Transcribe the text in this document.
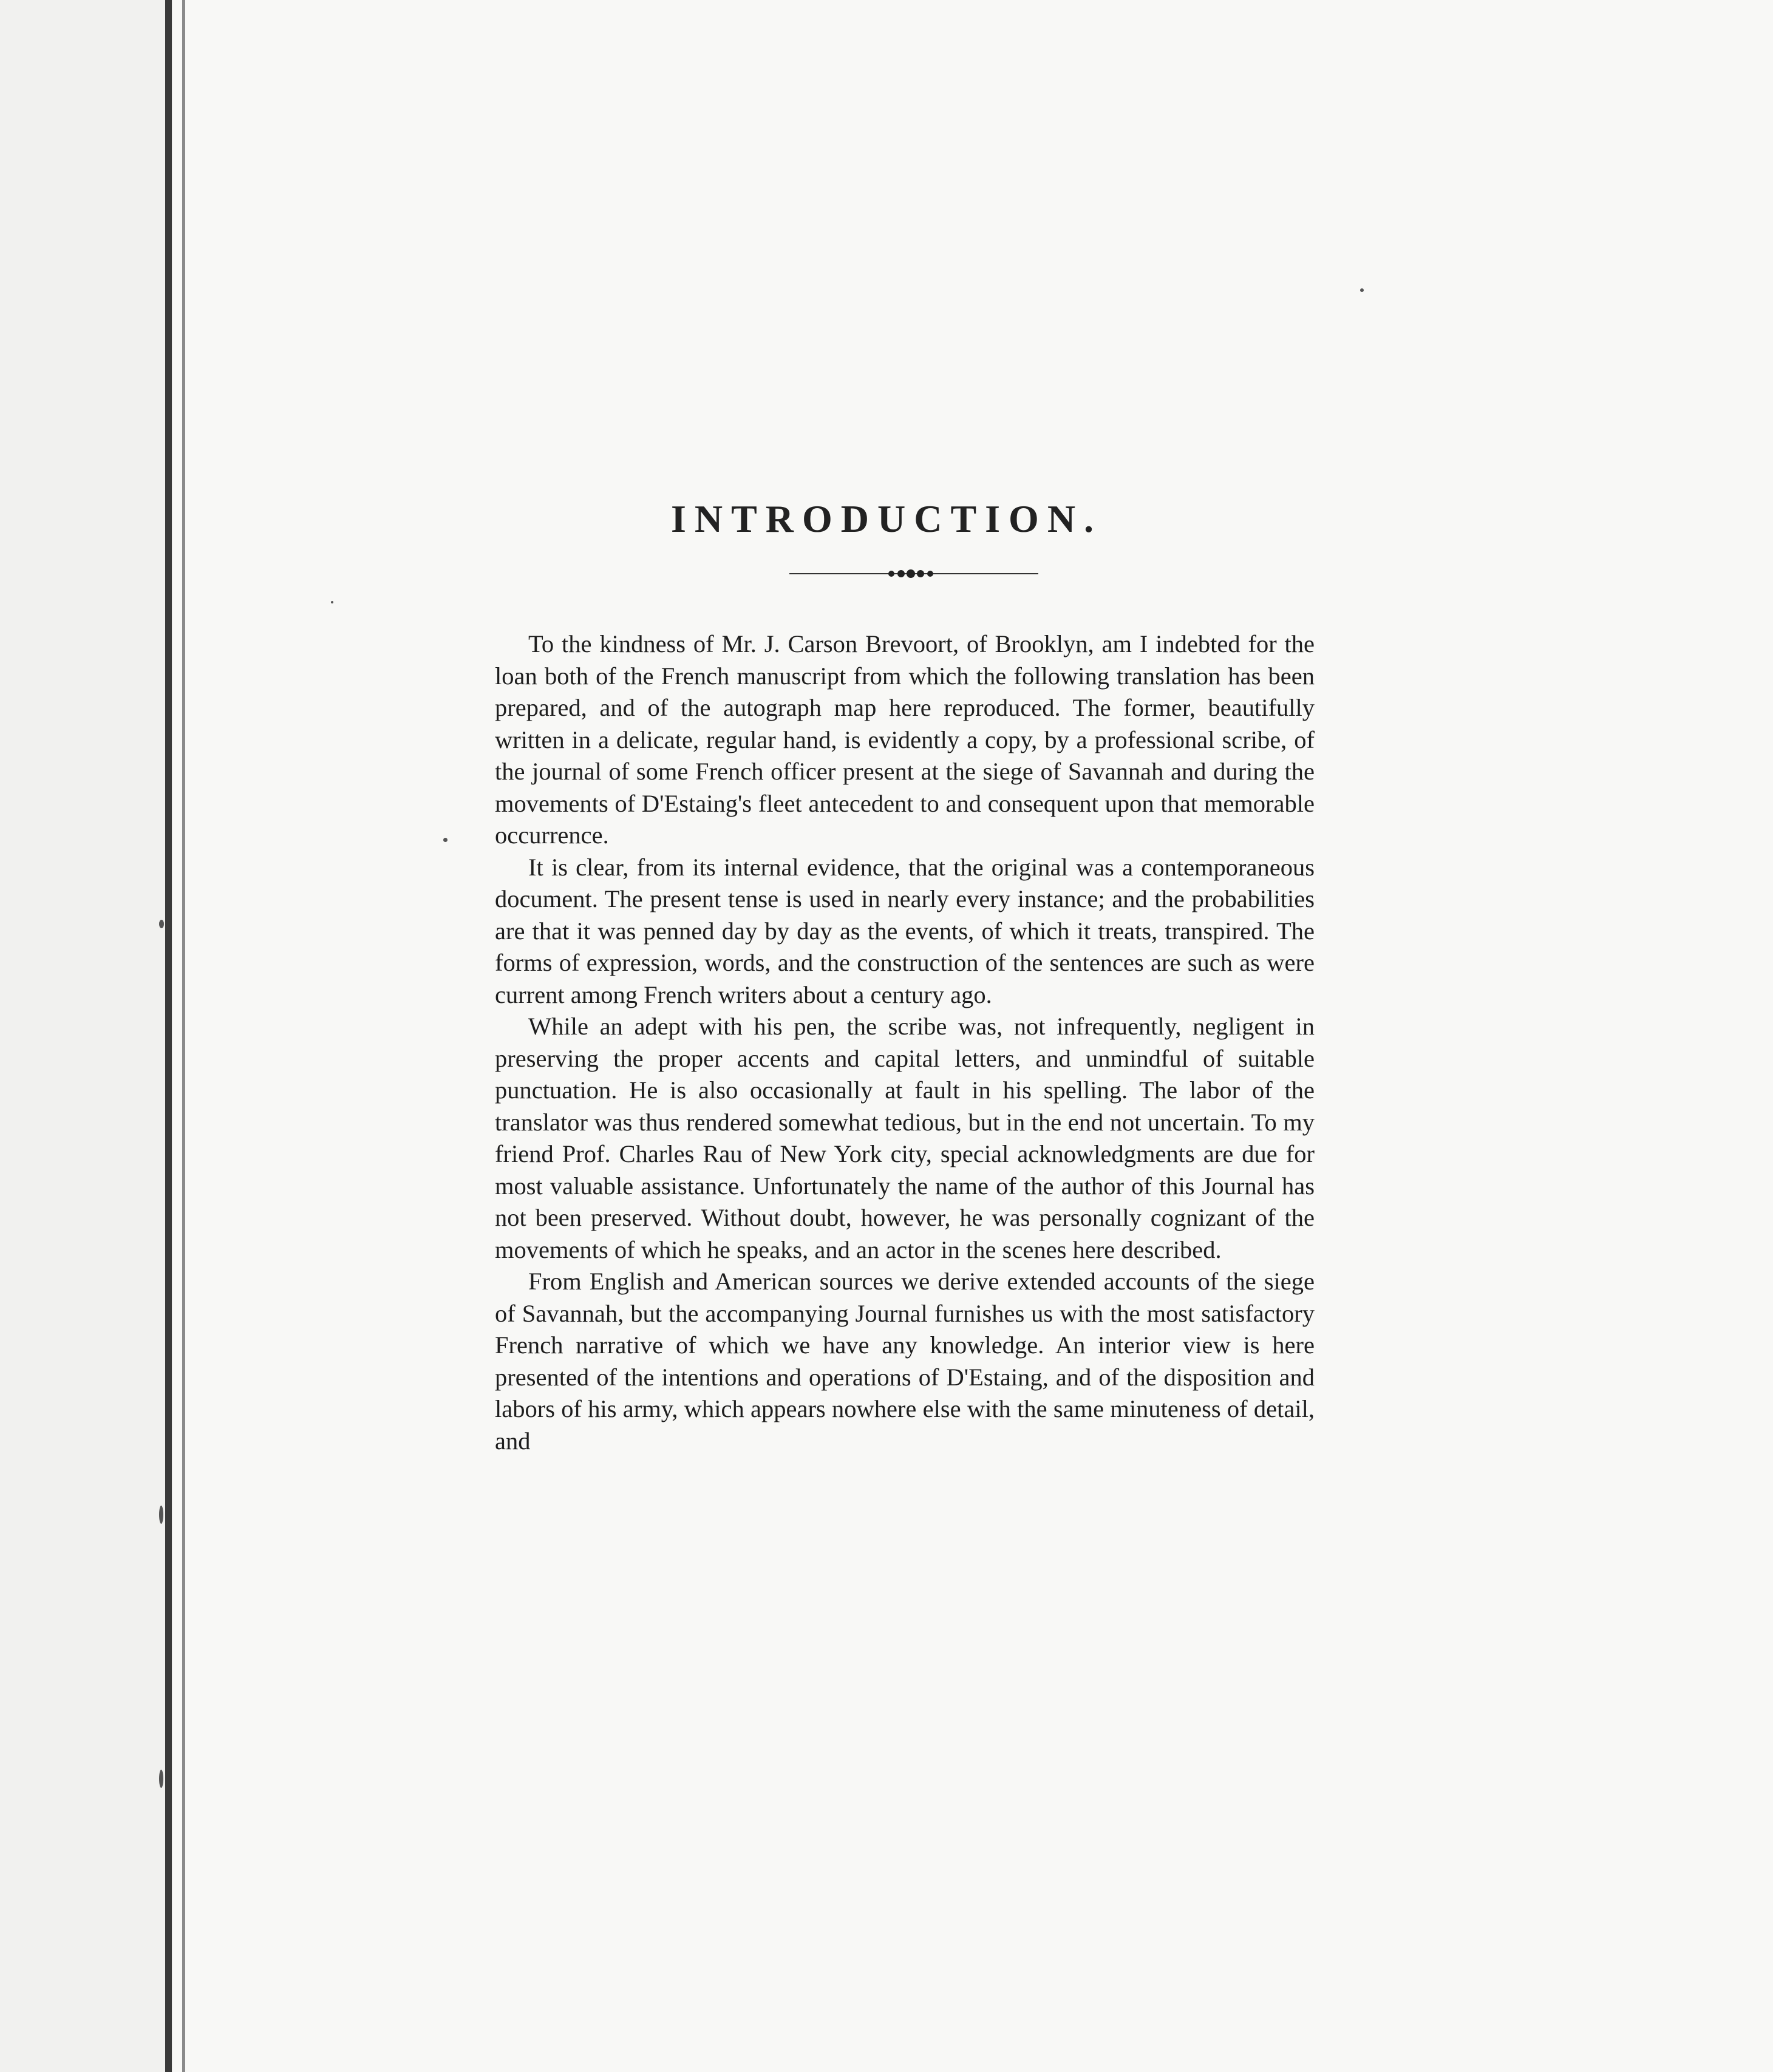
INTRODUCTION.

To the kindness of Mr. J. Carson Brevoort, of Brooklyn, am I indebted for the loan both of the French manuscript from which the following translation has been prepared, and of the autograph map here reproduced. The former, beautifully written in a delicate, regular hand, is evidently a copy, by a professional scribe, of the journal of some French officer present at the siege of Savannah and during the movements of D'Estaing's fleet antecedent to and consequent upon that memorable occurrence.

It is clear, from its internal evidence, that the original was a contemporaneous document. The present tense is used in nearly every instance; and the probabilities are that it was penned day by day as the events, of which it treats, transpired. The forms of expression, words, and the construction of the sentences are such as were current among French writers about a century ago.

While an adept with his pen, the scribe was, not infrequently, negligent in preserving the proper accents and capital letters, and unmindful of suitable punctuation. He is also occasionally at fault in his spelling. The labor of the translator was thus rendered somewhat tedious, but in the end not uncertain. To my friend Prof. Charles Rau of New York city, special acknowledgments are due for most valuable assistance. Unfortunately the name of the author of this Journal has not been preserved. Without doubt, however, he was personally cognizant of the movements of which he speaks, and an actor in the scenes here described.

From English and American sources we derive extended accounts of the siege of Savannah, but the accompanying Journal furnishes us with the most satisfactory French narrative of which we have any knowledge. An interior view is here presented of the intentions and operations of D'Estaing, and of the disposition and labors of his army, which appears nowhere else with the same minuteness of detail, and
